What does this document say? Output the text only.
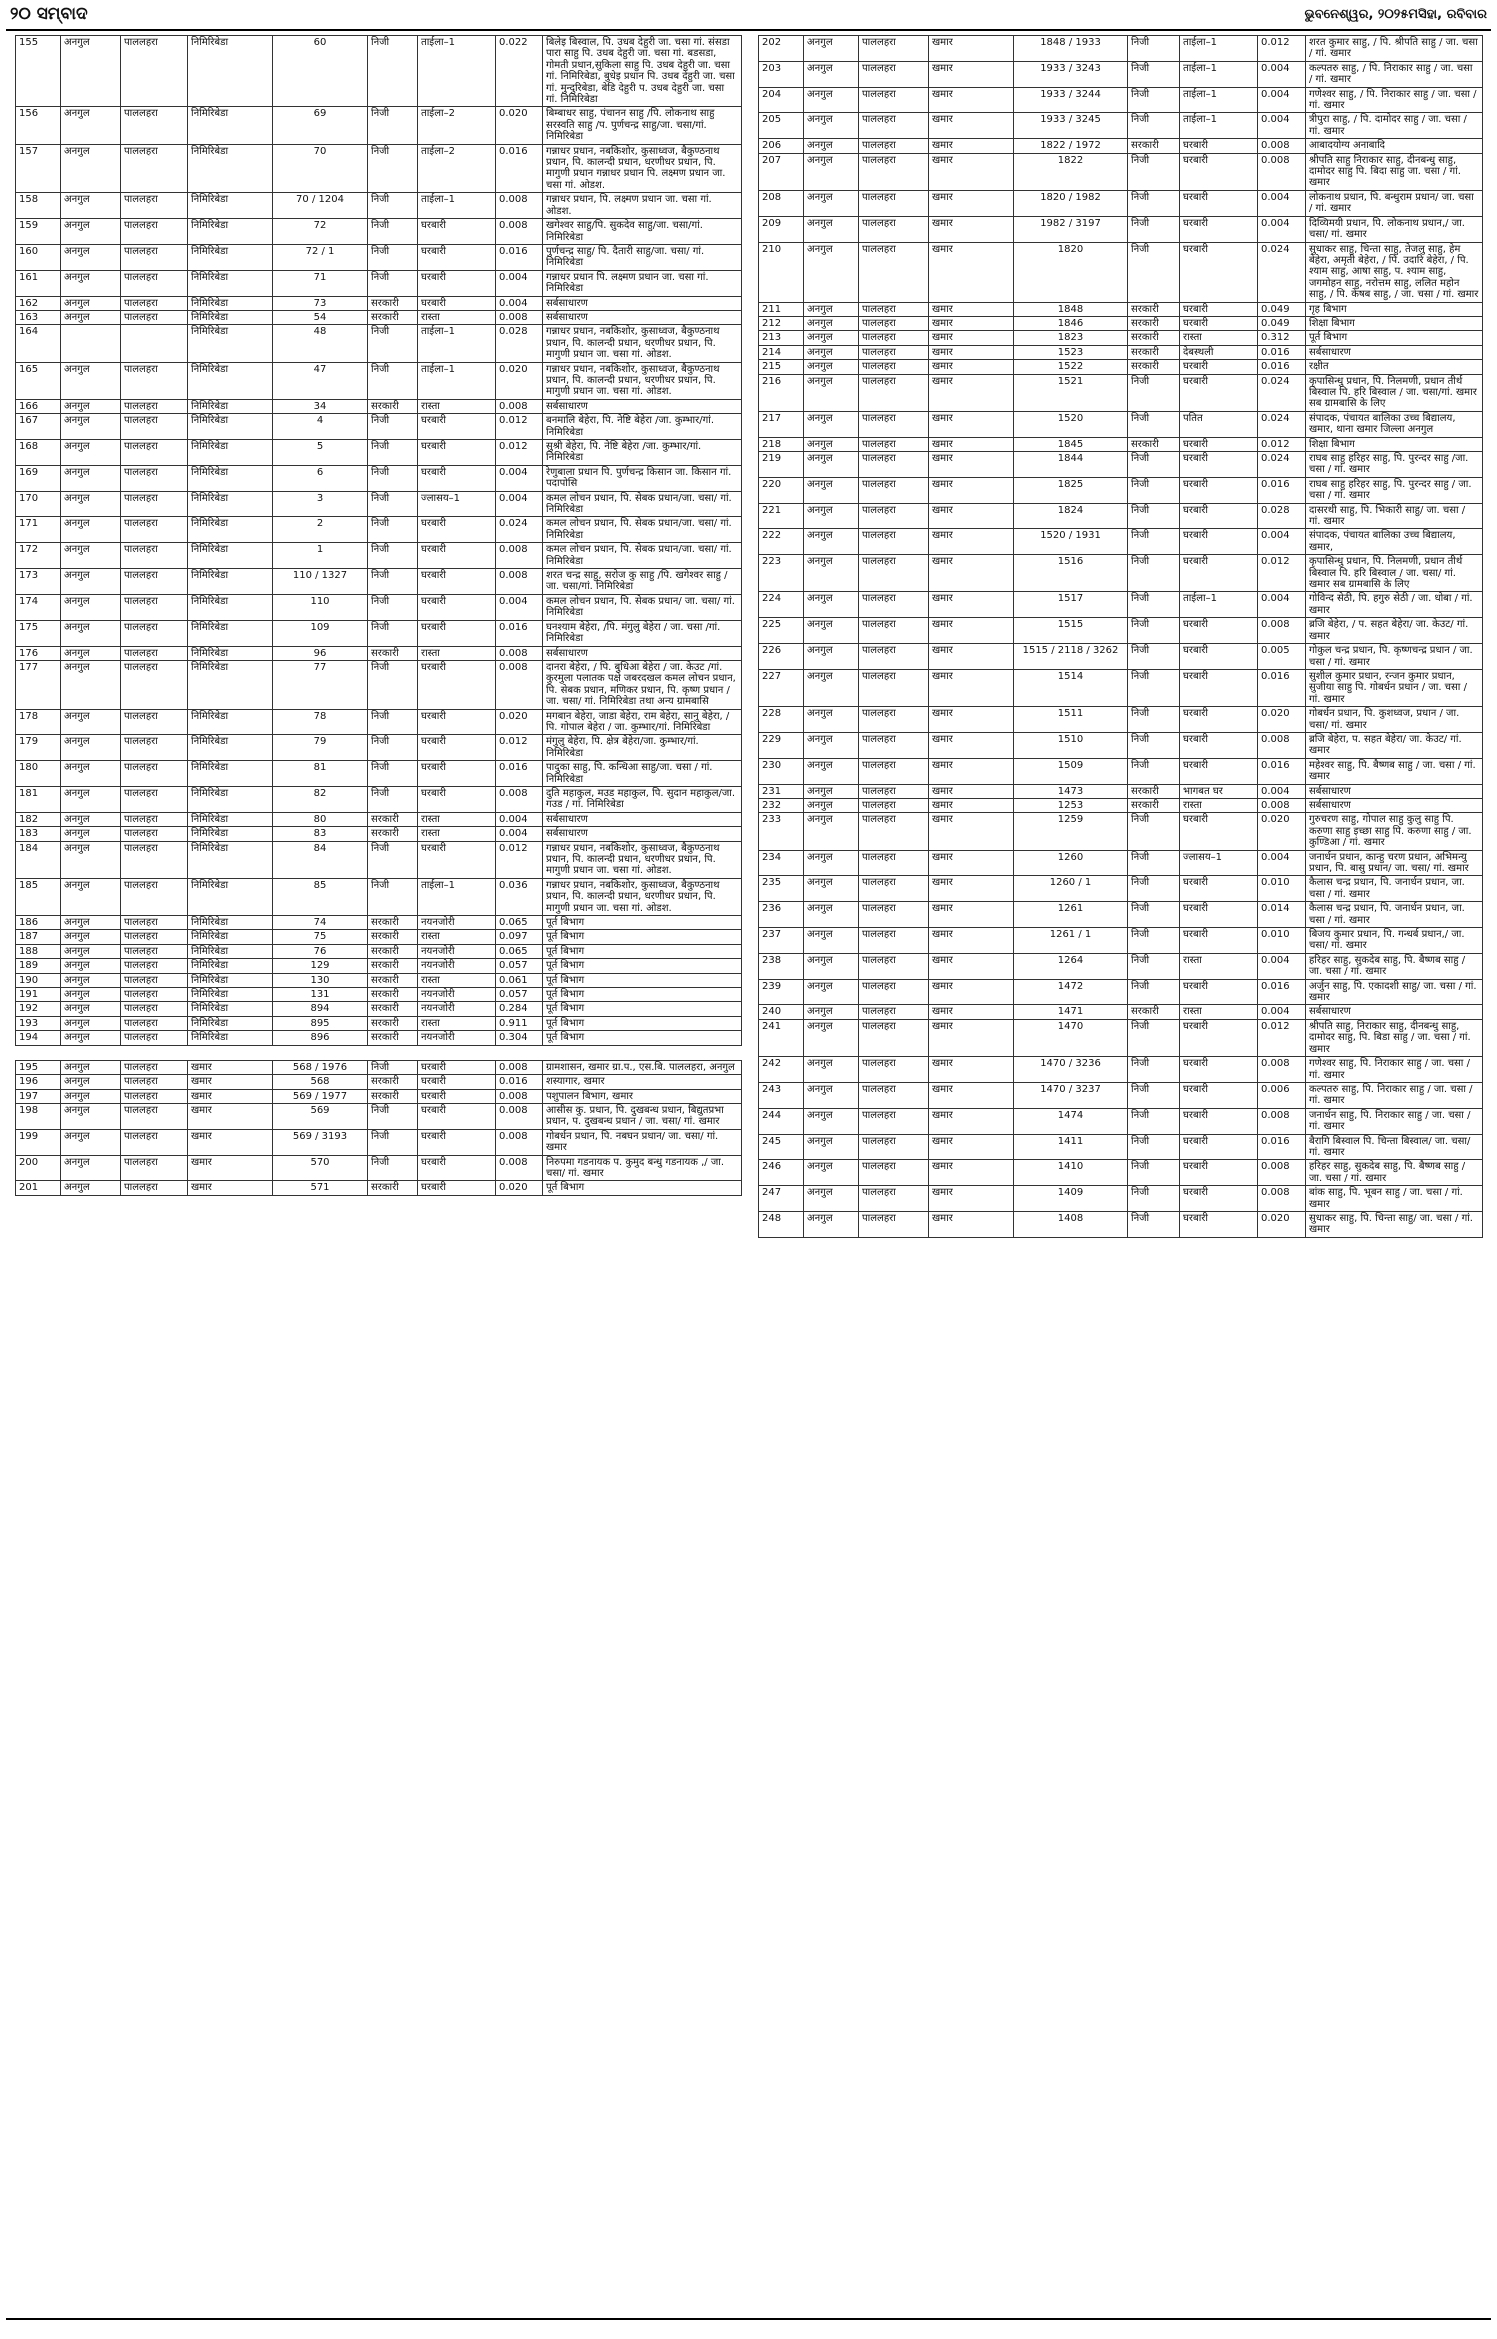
୨୦ ସମ୍ବାଦ	ଭୁବନେଶ୍ୱର, ୨୦୨୫ମସିହା, ରବିବାର
155	अनगुल	पाललहरा	निमिरिबेडा	60	निजी	ताईला–1	0.022	बिलेइ बिस्वाल, पि. उधब देहुरी जा. चसा गां. संसडा पारा साहु पि. उधब देहुरी जा. चसा गां. बडसडा, गोमती प्रधान,सुकिला साहु पि. उधब देहुरी जा. चसा गां. निमिरिबेडा, बुधेइ प्रधान पि. उधब देहुरी जा. चसा गां. मुन्दुरिबेडा, बेडि देहुरी प. उधब देहुरी जा. चसा गां. निमिरिबेडा
156	अनगुल	पाललहरा	निमिरिबेडा	69	निजी	ताईला–2	0.020	बिम्बाधर साहु, पंचानन साहु /पि. लोकनाथ साहु सरस्वति साहु /प. पुर्णचन्द्र साहु/जा. चसा/गां. निमिरिबेडा
157	अनगुल	पाललहरा	निमिरिबेडा	70	निजी	ताईला–2	0.016	गन्नाधर प्रधान, नबकिशोर, कुसाध्वज, बैकुण्ठनाथ प्रधान, पि. कालन्दी प्रधान, धरणीधर प्रधान, पि. मागुणी प्रधान गन्नाधर प्रधान पि. लक्ष्मण प्रधान जा. चसा गां. ओडश.
158	अनगुल	पाललहरा	निमिरिबेडा	70 / 1204	निजी	ताईला–1	0.008	गन्नाधर प्रधान, पि. लक्ष्मण प्रधान जा. चसा गां. ओडश.
159	अनगुल	पाललहरा	निमिरिबेडा	72	निजी	घरबारी	0.008	खगेश्वर साहु/पि. सुकदेव साहु/जा. चसा/गां. निमिरिबेडा
160	अनगुल	पाललहरा	निमिरिबेडा	72 / 1	निजी	घरबारी	0.016	पुर्णचन्द्र साहु/ पि. दैतारी साहु/जा. चसा/ गां. निमिरिबेडा
161	अनगुल	पाललहरा	निमिरिबेडा	71	निजी	घरबारी	0.004	गन्नाधर प्रधान पि. लक्ष्मण प्रधान जा. चसा गां. निमिरिबेडा
162	अनगुल	पाललहरा	निमिरिबेडा	73	सरकारी	घरबारी	0.004	सर्बसाधारण
163	अनगुल	पाललहरा	निमिरिबेडा	54	सरकारी	रास्ता	0.008	सर्बसाधारण
164			निमिरिबेडा	48	निजी	ताईला–1	0.028	गन्नाधर प्रधान, नबकिशोर, कुसाध्वज, बैकुण्ठनाथ प्रधान, पि. कालन्दी प्रधान, धरणीधर प्रधान, पि. मागुणी प्रधान जा. चसा गां. ओडश.
165	अनगुल	पाललहरा	निमिरिबेडा	47	निजी	ताईला–1	0.020	गन्नाधर प्रधान, नबकिशोर, कुसाध्वज, बैकुण्ठनाथ प्रधान, पि. कालन्दी प्रधान, धरणीधर प्रधान, पि. मागुणी प्रधान जा. चसा गां. ओडश.
166	अनगुल	पाललहरा	निमिरिबेडा	34	सरकारी	रास्ता	0.008	सर्बसाधारण
167	अनगुल	पाललहरा	निमिरिबेडा	4	निजी	घरबारी	0.012	बनमालि बेहेरा, पि. नेष्टि बेहेरा /जा. कुम्भार/गां. निमिरिबेडा
168	अनगुल	पाललहरा	निमिरिबेडा	5	निजी	घरबारी	0.012	सुश्री बेहेरा, पि. नेष्टि बेहेरा /जा. कुम्भार/गां. निमिरिबेडा
169	अनगुल	पाललहरा	निमिरिबेडा	6	निजी	घरबारी	0.004	रेणुबाला प्रधान पि. पुर्णचन्द्र किसान जा. किसान गां. पदापोसि
170	अनगुल	पाललहरा	निमिरिबेडा	3	निजी	ज्लासय–1	0.004	कमल लोचन प्रधान, पि. सेबक प्रधान/जा. चसा/ गां. निमिरिबेडा
171	अनगुल	पाललहरा	निमिरिबेडा	2	निजी	घरबारी	0.024	कमल लोचन प्रधान, पि. सेबक प्रधान/जा. चसा/ गां. निमिरिबेडा
172	अनगुल	पाललहरा	निमिरिबेडा	1	निजी	घरबारी	0.008	कमल लोचन प्रधान, पि. सेबक प्रधान/जा. चसा/ गां. निमिरिबेडा
173	अनगुल	पाललहरा	निमिरिबेडा	110 / 1327	निजी	घरबारी	0.008	शरत चन्द्र साहु, सरोज कु साहु /पि. खगेश्वर साहु /जा. चसा/गां. निमिरिबेडा
174	अनगुल	पाललहरा	निमिरिबेडा	110	निजी	घरबारी	0.004	कमल लोचन प्रधान, पि. सेबक प्रधान/ जा. चसा/ गां. निमिरिबेडा
175	अनगुल	पाललहरा	निमिरिबेडा	109	निजी	घरबारी	0.016	घनश्याम बेहेरा, /पि. मंगुलु बेहेरा / जा. चसा /गां. निमिरिबेडा
176	अनगुल	पाललहरा	निमिरिबेडा	96	सरकारी	रास्ता	0.008	सर्बसाधारण
177	अनगुल	पाललहरा	निमिरिबेडा	77	निजी	घरबारी	0.008	दानरा बेहेरा, / पि. बुधिआ बेहेरा / जा. केउट /गां. कुरमुला पलातक पक्षे जबरदखल कमल लोचन प्रधान, पि. सेबक प्रधान, मणिकर प्रधान, पि. कृष्ण प्रधान / जा. चसा/ गां. निमिरिबेडा तथा अन्य ग्रामबासि
178	अनगुल	पाललहरा	निमिरिबेडा	78	निजी	घरबारी	0.020	मगबान बेहेरा, जाडा बेहेरा, राम बेहेरा, सानु बेहेरा, / पि. गोपाल बेहेरा / जा. कुम्भार/गां. निमिरिबेडा
179	अनगुल	पाललहरा	निमिरिबेडा	79	निजी	घरबारी	0.012	मंगुलु बेहेरा, पि. क्षेत्र बेहेरा/जा. कुम्भार/गां. निमिरिबेडा
180	अनगुल	पाललहरा	निमिरिबेडा	81	निजी	घरबारी	0.016	पादुका साहु, पि. कन्धिआ साहु/जा. चसा / गां. निमिरिबेडा
181	अनगुल	पाललहरा	निमिरिबेडा	82	निजी	घरबारी	0.008	दुति महाकुल, मउड महाकुल, पि. सुदान महाकुल/जा. गउड / गां. निमिरिबेडा
182	अनगुल	पाललहरा	निमिरिबेडा	80	सरकारी	रास्ता	0.004	सर्बसाधारण
183	अनगुल	पाललहरा	निमिरिबेडा	83	सरकारी	रास्ता	0.004	सर्बसाधारण
184	अनगुल	पाललहरा	निमिरिबेडा	84	निजी	घरबारी	0.012	गन्नाधर प्रधान, नबकिशोर, कुसाध्वज, बैकुण्ठनाथ प्रधान, पि. कालन्दी प्रधान, धरणीधर प्रधान, पि. मागुणी प्रधान जा. चसा गां. ओडश.
185	अनगुल	पाललहरा	निमिरिबेडा	85	निजी	ताईला–1	0.036	गन्नाधर प्रधान, नबकिशोर, कुसाध्वज, बैकुण्ठनाथ प्रधान, पि. कालन्दी प्रधान, धरणीधर प्रधान, पि. मागुणी प्रधान जा. चसा गां. ओडश.
186	अनगुल	पाललहरा	निमिरिबेडा	74	सरकारी	नयनजोरी	0.065	पूर्त बिभाग
187	अनगुल	पाललहरा	निमिरिबेडा	75	सरकारी	रास्ता	0.097	पूर्त बिभाग
188	अनगुल	पाललहरा	निमिरिबेडा	76	सरकारी	नयनजोरी	0.065	पूर्त बिभाग
189	अनगुल	पाललहरा	निमिरिबेडा	129	सरकारी	नयनजोरी	0.057	पूर्त बिभाग
190	अनगुल	पाललहरा	निमिरिबेडा	130	सरकारी	रास्ता	0.061	पूर्त बिभाग
191	अनगुल	पाललहरा	निमिरिबेडा	131	सरकारी	नयनजोरी	0.057	पूर्त बिभाग
192	अनगुल	पाललहरा	निमिरिबेडा	894	सरकारी	नयनजोरी	0.284	पूर्त बिभाग
193	अनगुल	पाललहरा	निमिरिबेडा	895	सरकारी	रास्ता	0.911	पूर्त बिभाग
194	अनगुल	पाललहरा	निमिरिबेडा	896	सरकारी	नयनजोरी	0.304	पूर्त बिभाग

195	अनगुल	पाललहरा	खमार	568 / 1976	निजी	घरबारी	0.008	ग्रामशासन, खमार ग्रा.प., एस.बि. पाललहरा, अनगुल
196	अनगुल	पाललहरा	खमार	568	सरकारी	घरबारी	0.016	शस्यागार, खमार
197	अनगुल	पाललहरा	खमार	569 / 1977	सरकारी	घरबारी	0.008	पशुपालन बिभाग, खमार
198	अनगुल	पाललहरा	खमार	569	निजी	घरबारी	0.008	आसीस कु. प्रधान, पि. दुखबन्ध प्रधान, बिद्युतप्रभा प्रधान, प. दुखबन्ध प्रधान / जा. चसा/ गां. खमार
199	अनगुल	पाललहरा	खमार	569 / 3193	निजी	घरबारी	0.008	गोबर्धन प्रधान, पि. नबघन प्रधान/ जा. चसा/ गां. खमार
200	अनगुल	पाललहरा	खमार	570	निजी	घरबारी	0.008	निरुपमा गडनायक प. कुमुद बन्धु गडनायक ,/ जा. चसा/ गां. खमार
201	अनगुल	पाललहरा	खमार	571	सरकारी	घरबारी	0.020	पूर्त बिभाग
202	अनगुल	पाललहरा	खमार	1848 / 1933	निजी	ताईला–1	0.012	शरत कुमार साहु, / पि. श्रीपति साहु / जा. चसा / गां. खमार
203	अनगुल	पाललहरा	खमार	1933 / 3243	निजी	ताईला–1	0.004	कल्पतरु साहु, / पि. निराकार साहु / जा. चसा / गां. खमार
204	अनगुल	पाललहरा	खमार	1933 / 3244	निजी	ताईला–1	0.004	गणेश्वर साहु, / पि. निराकार साहु / जा. चसा / गां. खमार
205	अनगुल	पाललहरा	खमार	1933 / 3245	निजी	ताईला–1	0.004	त्रीपुरा साहु, / पि. दामोदर साहु / जा. चसा / गां. खमार
206	अनगुल	पाललहरा	खमार	1822 / 1972	सरकारी	घरबारी	0.008	आबादयोग्य अनाबादि
207	अनगुल	पाललहरा	खमार	1822	निजी	घरबारी	0.008	श्रीपति साहु निराकार साहु, दीनबन्धु साहु, दामोदर साहु पि. बिदा साहु जा. चसा / गां. खमार
208	अनगुल	पाललहरा	खमार	1820 / 1982	निजी	घरबारी	0.004	लोकनाथ प्रधान, पि. बन्धुराम प्रधान/ जा. चसा / गां. खमार
209	अनगुल	पाललहरा	खमार	1982 / 3197	निजी	घरबारी	0.004	दिव्यिमयी प्रधान, पि. लोकनाथ प्रधान,/ जा. चसा/ गां. खमार
210	अनगुल	पाललहरा	खमार	1820	निजी	घरबारी	0.024	सुधाकर साहु, चिन्ता साहु, तेजलु साहु, हेम बेहेरा, अमृती बेहेरा, / पि. उदारि बेहेरा, / पि. श्याम साहु, आषा साहु, प. श्याम साहु, जगमोहन साहु, नरोत्तम साहु, ललित महोन साहु, / पि. केषब साहु, / जा. चसा / गां. खमार
211	अनगुल	पाललहरा	खमार	1848	सरकारी	घरबारी	0.049	गृह बिभाग
212	अनगुल	पाललहरा	खमार	1846	सरकारी	घरबारी	0.049	शिक्षा बिभाग
213	अनगुल	पाललहरा	खमार	1823	सरकारी	रास्ता	0.312	पूर्त बिभाग
214	अनगुल	पाललहरा	खमार	1523	सरकारी	देबस्थली	0.016	सर्बसाधारण
215	अनगुल	पाललहरा	खमार	1522	सरकारी	घरबारी	0.016	रक्षीत
216	अनगुल	पाललहरा	खमार	1521	निजी	घरबारी	0.024	कृपासिन्धु प्रधान, पि. निलमणी, प्रधान तीर्थ बिस्वाल पि. हरि बिस्वाल / जा. चसा/गां. खमार सब ग्रामबासि के लिए
217	अनगुल	पाललहरा	खमार	1520	निजी	पतित	0.024	संपादक, पंचायत बालिका उच्च बिद्यालय, खमार, थाना खमार जिल्ला अनगुल
218	अनगुल	पाललहरा	खमार	1845	सरकारी	घरबारी	0.012	शिक्षा बिभाग
219	अनगुल	पाललहरा	खमार	1844	निजी	घरबारी	0.024	राघब साहु हरिहर साहु, पि. पुरन्दर साहु /जा. चसा / गां. खमार
220	अनगुल	पाललहरा	खमार	1825	निजी	घरबारी	0.016	राघब साहु हरिहर साहु, पि. पुरन्दर साहु / जा. चसा / गां. खमार
221	अनगुल	पाललहरा	खमार	1824	निजी	घरबारी	0.028	दासरथी साहु, पि. भिकारी साहु/ जा. चसा / गां. खमार
222	अनगुल	पाललहरा	खमार	1520 / 1931	निजी	घरबारी	0.004	संपादक, पंचायत बालिका उच्च बिद्यालय, खमार,
223	अनगुल	पाललहरा	खमार	1516	निजी	घरबारी	0.012	कृपासिन्धु प्रधान, पि. निलमणी, प्रधान तीर्थ बिस्वाल पि. हरि बिस्वाल / जा. चसा/ गां. खमार सब ग्रामबासि के लिए
224	अनगुल	पाललहरा	खमार	1517	निजी	ताईला–1	0.004	गोविन्द सेठी, पि. हगुरु सेठी / जा. धोबा / गां. खमार
225	अनगुल	पाललहरा	खमार	1515	निजी	घरबारी	0.008	ब्रजि बेहेरा, / प. सहत बेहेरा/ जा. केउट/ गां. खमार
226	अनगुल	पाललहरा	खमार	1515 / 2118 / 3262	निजी	घरबारी	0.005	गोकुल चन्द्र प्रधान, पि. कृष्णचन्द्र प्रधान / जा. चसा / गां. खमार
227	अनगुल	पाललहरा	खमार	1514	निजी	घरबारी	0.016	सुशील कुमार प्रधान, रन्जन कुमार प्रधान, सुजीया साहु पि. गोबर्धन प्रधान / जा. चसा / गां. खमार
228	अनगुल	पाललहरा	खमार	1511	निजी	घरबारी	0.020	गोबर्धन प्रधान, पि. कुशध्वज, प्रधान / जा. चसा/ गां. खमार
229	अनगुल	पाललहरा	खमार	1510	निजी	घरबारी	0.008	ब्रजि बेहेरा, प. सहत बेहेरा/ जा. केउट/ गां. खमार
230	अनगुल	पाललहरा	खमार	1509	निजी	घरबारी	0.016	महेश्वर साहु, पि. बैष्णब साहु / जा. चसा / गां. खमार
231	अनगुल	पाललहरा	खमार	1473	सरकारी	भागबत घर	0.004	सर्बसाधारण
232	अनगुल	पाललहरा	खमार	1253	सरकारी	रास्ता	0.008	सर्बसाधारण
233	अनगुल	पाललहरा	खमार	1259	निजी	घरबारी	0.020	गुरुचरण साहु, गोपाल साहु कुलु साहु पि. करुणा साहु इच्छा साहु पि. करुणा साहु / जा. कुण्डिआ / गां. खमार
234	अनगुल	पाललहरा	खमार	1260	निजी	ज्लासय–1	0.004	जनार्धन प्रधान, कान्हु चरण प्रधान, अभिमन्यु प्रधान, पि. बासु प्रधान/ जा. चसा/ गां. खमार
235	अनगुल	पाललहरा	खमार	1260 / 1	निजी	घरबारी	0.010	कैलास चन्द्र प्रधान, पि. जनार्धन प्रधान, जा. चसा / गां. खमार
236	अनगुल	पाललहरा	खमार	1261	निजी	घरबारी	0.014	कैलास चन्द्र प्रधान, पि. जनार्धन प्रधान, जा. चसा / गां. खमार
237	अनगुल	पाललहरा	खमार	1261 / 1	निजी	घरबारी	0.010	बिजय कुमार प्रधान, पि. गन्धर्ब प्रधान,/ जा. चसा/ गां. खमार
238	अनगुल	पाललहरा	खमार	1264	निजी	रास्ता	0.004	हरिहर साहु, सुकदेब साहु, पि. बैष्णब साहु / जा. चसा / गां. खमार
239	अनगुल	पाललहरा	खमार	1472	निजी	घरबारी	0.016	अर्जुन साहु, पि. एकादशी साहु/ जा. चसा / गां. खमार
240	अनगुल	पाललहरा	खमार	1471	सरकारी	रास्ता	0.004	सर्बसाधारण
241	अनगुल	पाललहरा	खमार	1470	निजी	घरबारी	0.012	श्रीपति साहु, निराकार साहु, दीनबन्धु साहु, दामोदर साहु, पि. बिडा साहु / जा. चसा / गां. खमार
242	अनगुल	पाललहरा	खमार	1470 / 3236	निजी	घरबारी	0.008	गणेश्वर साहु, पि. निराकार साहु / जा. चसा / गां. खमार
243	अनगुल	पाललहरा	खमार	1470 / 3237	निजी	घरबारी	0.006	कल्पतरु साहु, पि. निराकार साहु / जा. चसा / गां. खमार
244	अनगुल	पाललहरा	खमार	1474	निजी	घरबारी	0.008	जनार्धन साहु, पि. निराकार साहु / जा. चसा / गां. खमार
245	अनगुल	पाललहरा	खमार	1411	निजी	घरबारी	0.016	बैरागि बिस्वाल पि. चिन्ता बिस्वाल/ जा. चसा/ गां. खमार
246	अनगुल	पाललहरा	खमार	1410	निजी	घरबारी	0.008	हरिहर साहु, सुकदेब साहु, पि. बैष्णब साहु / जा. चसा / गां. खमार
247	अनगुल	पाललहरा	खमार	1409	निजी	घरबारी	0.008	बांक साहु, पि. भूबन साहु / जा. चसा / गां. खमार
248	अनगुल	पाललहरा	खमार	1408	निजी	घरबारी	0.020	सुधाकर साहु, पि. चिन्ता साहु/ जा. चसा / गां. खमार
